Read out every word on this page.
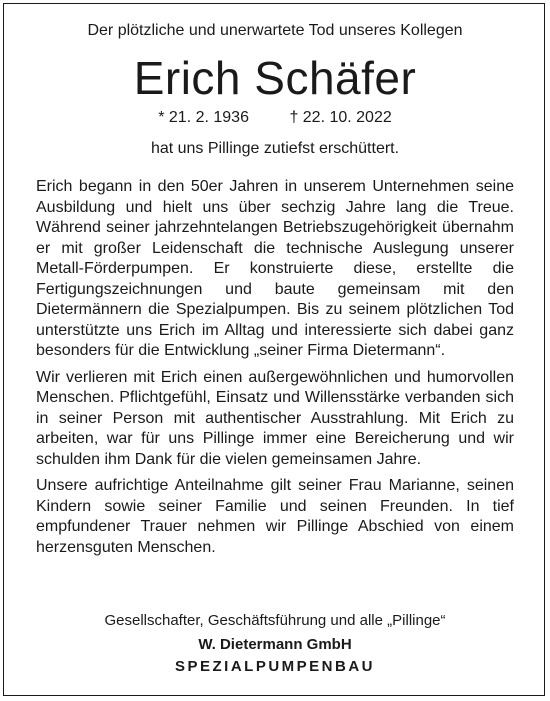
Der plötzliche und unerwartete Tod unseres Kollegen
Erich Schäfer
* 21. 2. 1936	† 22. 10. 2022
hat uns Pillinge zutiefst erschüttert.

Erich begann in den 50er Jahren in unserem Unternehmen seine Ausbildung und hielt uns über sechzig Jahre lang die Treue. Während seiner jahrzehntelangen Betriebszugehörigkeit übernahm er mit großer Leidenschaft die technische Auslegung unserer Metall-Förderpumpen. Er konstruierte diese, erstellte die Fertigungszeichnungen und baute gemeinsam mit den Dietermännern die Spezialpumpen. Bis zu seinem plötzlichen Tod unterstützte uns Erich im Alltag und interessierte sich dabei ganz besonders für die Entwicklung „seiner Firma Dietermann“.

Wir verlieren mit Erich einen außergewöhnlichen und humorvollen Menschen. Pflichtgefühl, Einsatz und Willensstärke verbanden sich in seiner Person mit authentischer Ausstrahlung. Mit Erich zu arbeiten, war für uns Pillinge immer eine Bereicherung und wir schulden ihm Dank für die vielen gemeinsamen Jahre.

Unsere aufrichtige Anteilnahme gilt seiner Frau Marianne, seinen Kindern sowie seiner Familie und seinen Freunden. In tief empfundener Trauer nehmen wir Pillinge Abschied von einem herzensguten Menschen.

Gesellschafter, Geschäftsführung und alle „Pillinge“
W. Dietermann GmbH
SPEZIALPUMPENBAU
